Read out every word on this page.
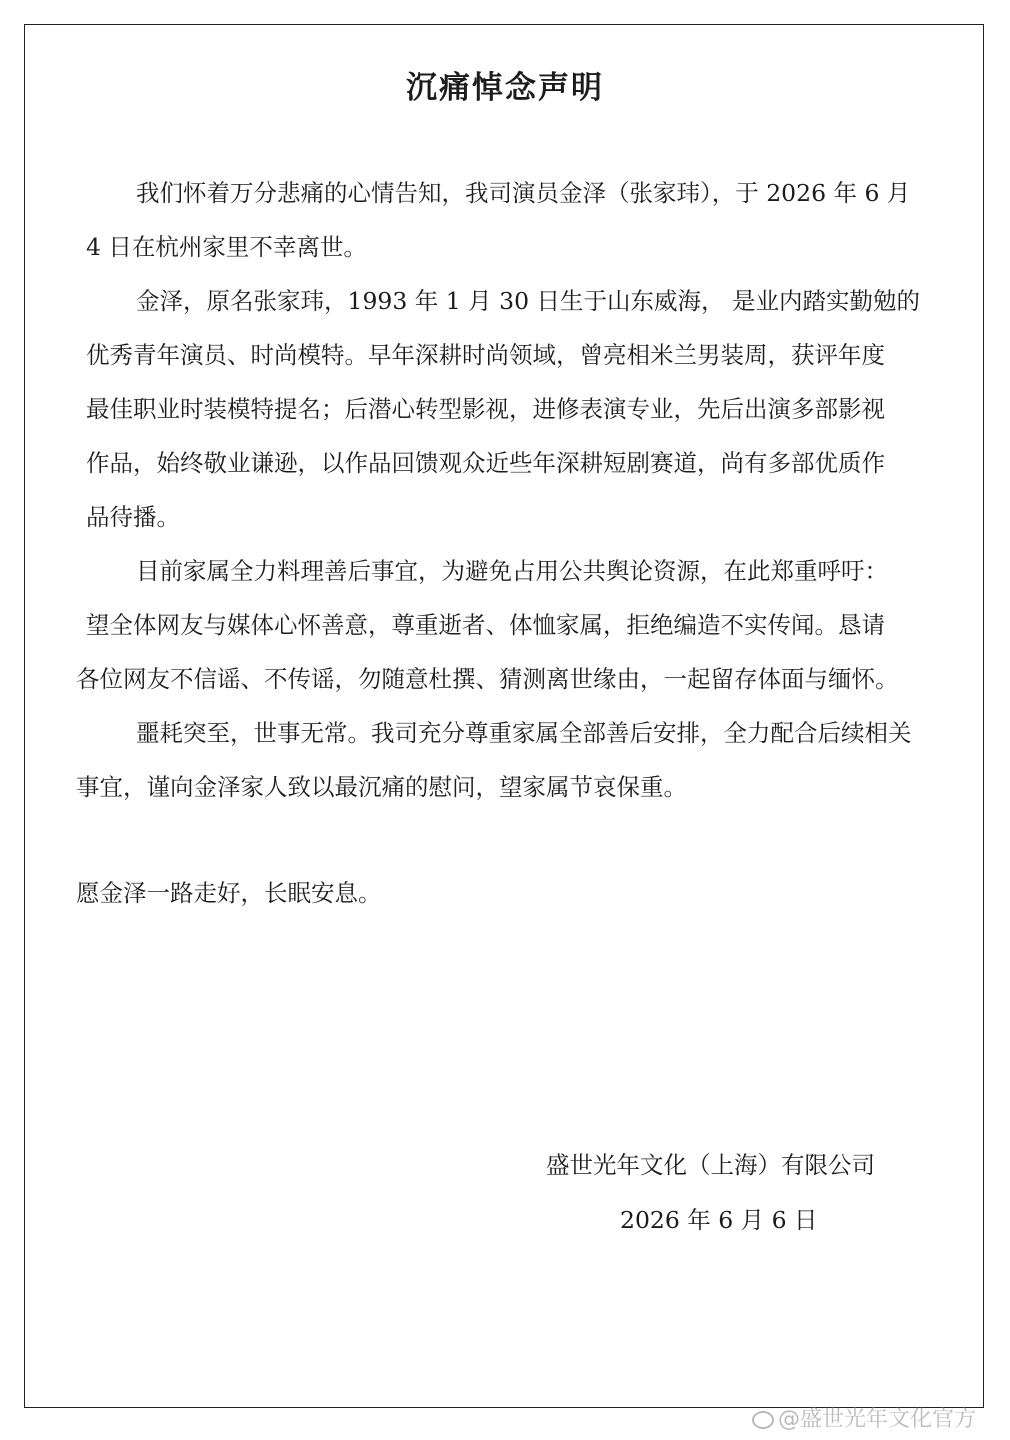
沉痛悼念声明
我们怀着万分悲痛的心情告知，我司演员金泽（张家玮），于 2026 年 6 月
4 日在杭州家里不幸离世。
金泽，原名张家玮，1993 年 1 月 30 日生于山东威海， 是业内踏实勤勉的
优秀青年演员、时尚模特。早年深耕时尚领域，曾亮相米兰男装周，获评年度
最佳职业时装模特提名；后潜心转型影视，进修表演专业，先后出演多部影视
作品，始终敬业谦逊，以作品回馈观众近些年深耕短剧赛道，尚有多部优质作
品待播。
目前家属全力料理善后事宜，为避免占用公共舆论资源，在此郑重呼吁：
望全体网友与媒体心怀善意，尊重逝者、体恤家属，拒绝编造不实传闻。恳请
各位网友不信谣、不传谣，勿随意杜撰、猜测离世缘由，一起留存体面与缅怀。
噩耗突至，世事无常。我司充分尊重家属全部善后安排，全力配合后续相关
事宜，谨向金泽家人致以最沉痛的慰问，望家属节哀保重。
愿金泽一路走好，长眠安息。
盛世光年文化（上海）有限公司
2026 年 6 月 6 日
@盛世光年文化官方
